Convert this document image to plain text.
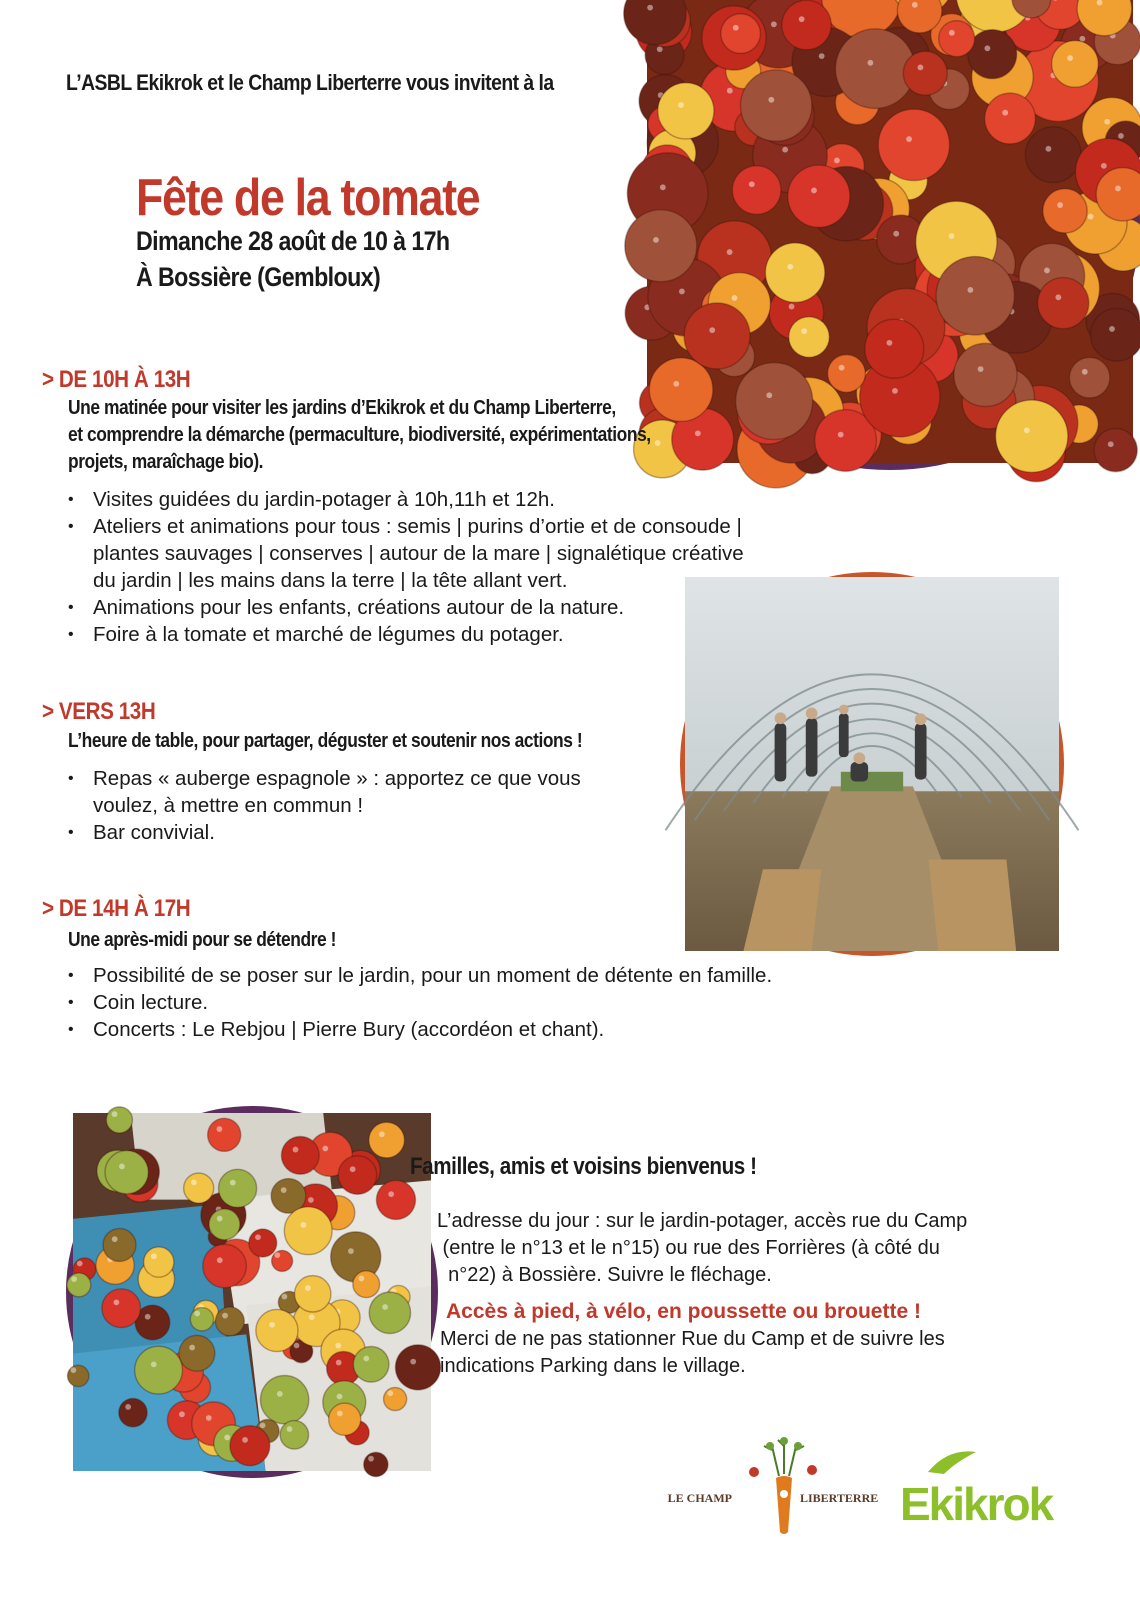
L’ASBL Ekikrok et le Champ Liberterre vous invitent à la
Fête de la tomate
Dimanche 28 août de 10 à 17h
À Bossière (Gembloux)
> DE 10H À 13H
Une matinée pour visiter les jardins d’Ekikrok et du Champ Liberterre,
et comprendre la démarche (permaculture, biodiversité, expérimentations,
projets, maraîchage bio).
• Visites guidées du jardin-potager à 10h,11h et 12h.
• Ateliers et animations pour tous : semis | purins d’ortie et de consoude |
plantes sauvages | conserves | autour de la mare | signalétique créative
du jardin | les mains dans la terre | la tête allant vert.
• Animations pour les enfants, créations autour de la nature.
• Foire à la tomate et marché de légumes du potager.
> VERS 13H
L’heure de table, pour partager, déguster et soutenir nos actions !
• Repas « auberge espagnole » : apportez ce que vous
voulez, à mettre en commun !
• Bar convivial.
> DE 14H À 17H
Une après-midi pour se détendre !
• Possibilité de se poser sur le jardin, pour un moment de détente en famille.
• Coin lecture.
• Concerts : Le Rebjou | Pierre Bury (accordéon et chant).
Familles, amis et voisins bienvenus !
L’adresse du jour : sur le jardin-potager, accès rue du Camp
(entre le n°13 et le n°15) ou rue des Forrières (à côté du
n°22) à Bossière. Suivre le fléchage.
Accès à pied, à vélo, en poussette ou brouette !
Merci de ne pas stationner Rue du Camp et de suivre les
indications Parking dans le village.
LE CHAMP	LIBERTERRE Ekikrok
